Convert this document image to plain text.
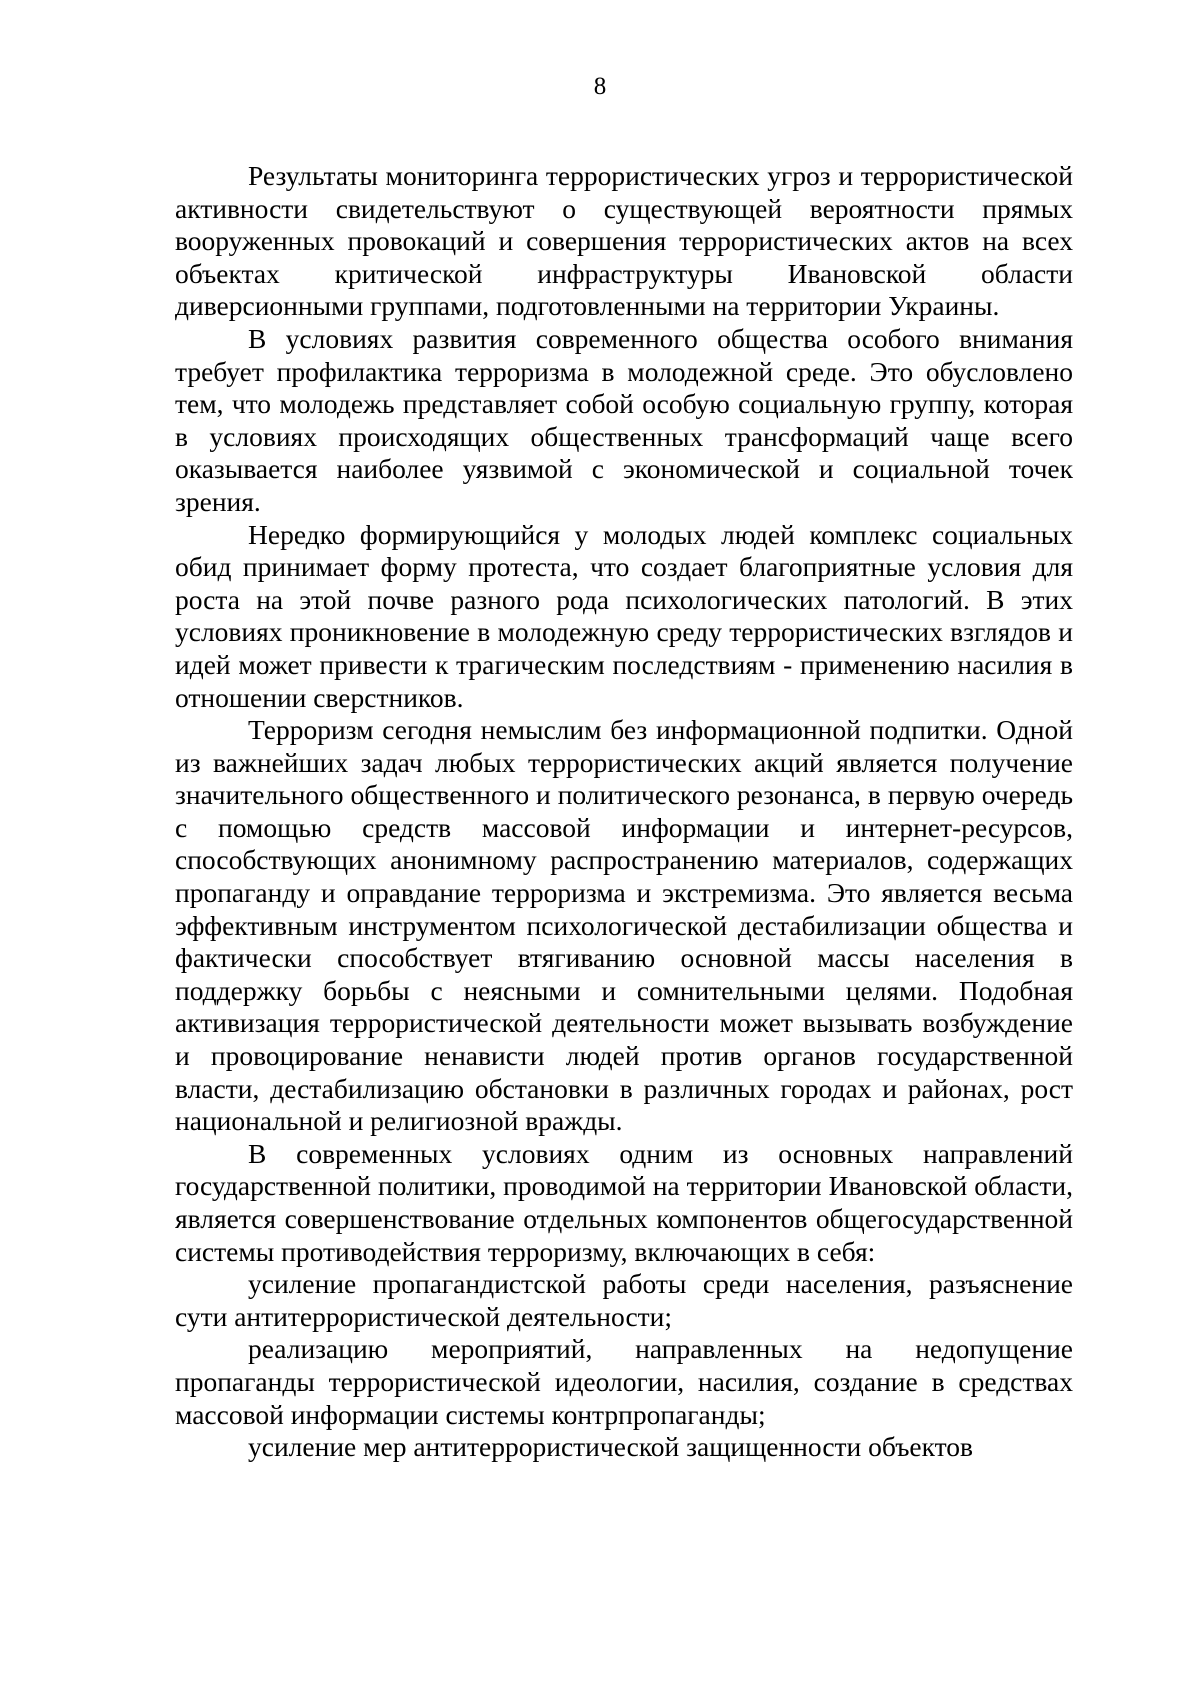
8

Результаты мониторинга террористических угроз и террористической активности свидетельствуют о существующей вероятности прямых вооруженных провокаций и совершения террористических актов на всех объектах критической инфраструктуры Ивановской области диверсионными группами, подготовленными на территории Украины.

В условиях развития современного общества особого внимания требует профилактика терроризма в молодежной среде. Это обусловлено тем, что молодежь представляет собой особую социальную группу, которая в условиях происходящих общественных трансформаций чаще всего оказывается наиболее уязвимой с экономической и социальной точек зрения.

Нередко формирующийся у молодых людей комплекс социальных обид принимает форму протеста, что создает благоприятные условия для роста на этой почве разного рода психологических патологий. В этих условиях проникновение в молодежную среду террористических взглядов и идей может привести к трагическим последствиям - применению насилия в отношении сверстников.

Терроризм сегодня немыслим без информационной подпитки. Одной из важнейших задач любых террористических акций является получение значительного общественного и политического резонанса, в первую очередь с помощью средств массовой информации и интернет-ресурсов, способствующих анонимному распространению материалов, содержащих пропаганду и оправдание терроризма и экстремизма. Это является весьма эффективным инструментом психологической дестабилизации общества и фактически способствует втягиванию основной массы населения в поддержку борьбы с неясными и сомнительными целями. Подобная активизация террористической деятельности может вызывать возбуждение и провоцирование ненависти людей против органов государственной власти, дестабилизацию обстановки в различных городах и районах, рост национальной и религиозной вражды.

В современных условиях одним из основных направлений государственной политики, проводимой на территории Ивановской области, является совершенствование отдельных компонентов общегосударственной системы противодействия терроризму, включающих в себя:

усиление пропагандистской работы среди населения, разъяснение сути антитеррористической деятельности;

реализацию мероприятий, направленных на недопущение пропаганды террористической идеологии, насилия, создание в средствах массовой информации системы контрпропаганды;

усиление мер антитеррористической защищенности объектов
